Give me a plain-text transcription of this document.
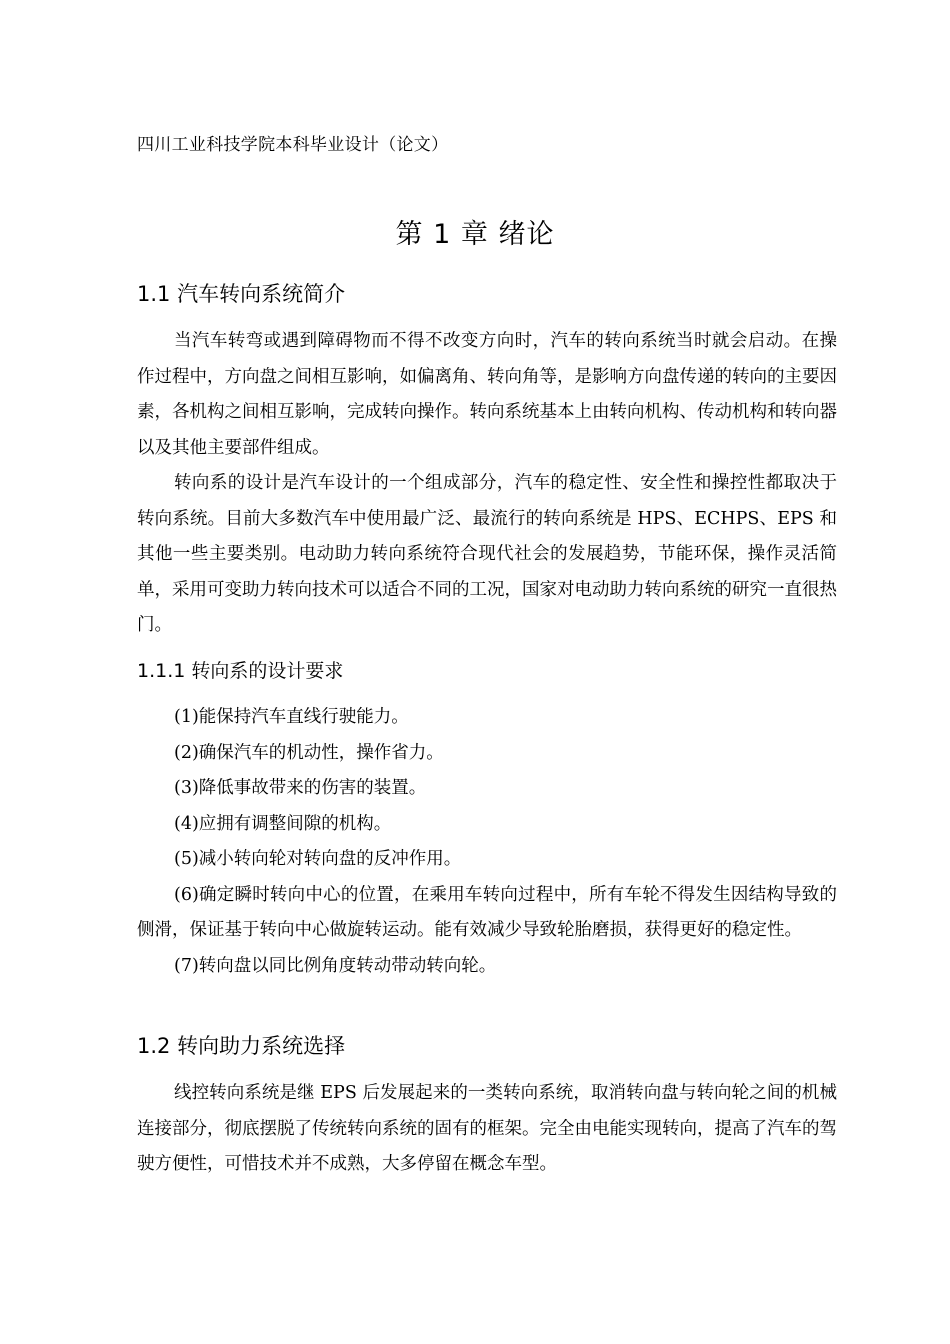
四川工业科技学院本科毕业设计（论文）
第 1 章 绪论
1.1 汽车转向系统简介

当汽车转弯或遇到障碍物而不得不改变方向时，汽车的转向系统当时就会启动。在操作过程中，方向盘之间相互影响，如偏离角、转向角等，是影响方向盘传递的转向的主要因素，各机构之间相互影响，完成转向操作。转向系统基本上由转向机构、传动机构和转向器以及其他主要部件组成。

转向系的设计是汽车设计的一个组成部分，汽车的稳定性、安全性和操控性都取决于转向系统。目前大多数汽车中使用最广泛、最流行的转向系统是 HPS、ECHPS、EPS 和其他一些主要类别。电动助力转向系统符合现代社会的发展趋势，节能环保，操作灵活简单，采用可变助力转向技术可以适合不同的工况，国家对电动助力转向系统的研究一直很热门。

1.1.1 转向系的设计要求
(1)能保持汽车直线行驶能力。
(2)确保汽车的机动性，操作省力。
(3)降低事故带来的伤害的装置。
(4)应拥有调整间隙的机构。
(5)减小转向轮对转向盘的反冲作用。
(6)确定瞬时转向中心的位置，在乘用车转向过程中，所有车轮不得发生因结构导致的侧滑，保证基于转向中心做旋转运动。能有效减少导致轮胎磨损，获得更好的稳定性。
(7)转向盘以同比例角度转动带动转向轮。
1.2 转向助力系统选择

线控转向系统是继 EPS 后发展起来的一类转向系统，取消转向盘与转向轮之间的机械连接部分，彻底摆脱了传统转向系统的固有的框架。完全由电能实现转向，提高了汽车的驾驶方便性，可惜技术并不成熟，大多停留在概念车型。
